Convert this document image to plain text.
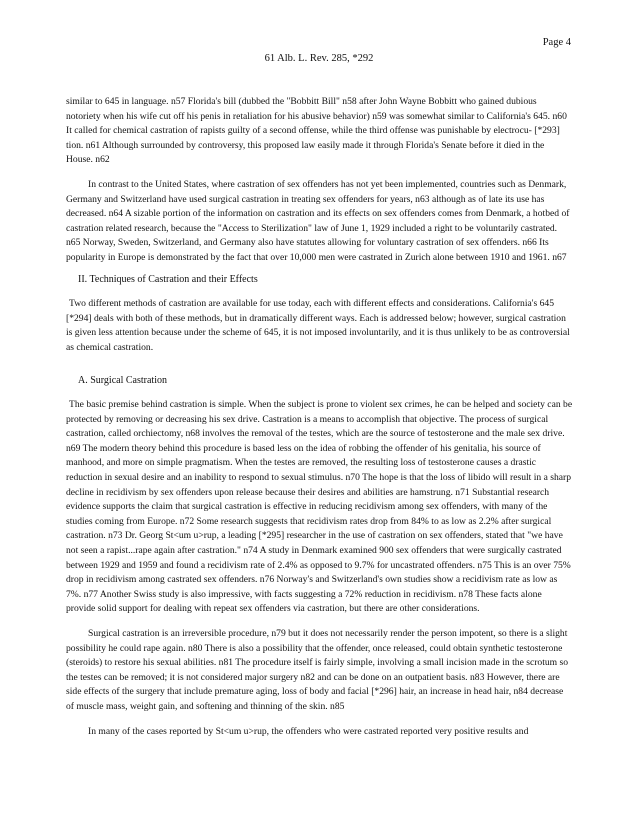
Page 4
61 Alb. L. Rev. 285, *292

similar to 645 in language. n57 Florida's bill (dubbed the "Bobbitt Bill" n58 after John Wayne Bobbitt who gained dubious notoriety when his wife cut off his penis in retaliation for his abusive behavior) n59 was somewhat similar to California's 645. n60 It called for chemical castration of rapists guilty of a second offense, while the third offense was punishable by electrocu- [*293] tion. n61 Although surrounded by controversy, this proposed law easily made it through Florida's Senate before it died in the House. n62

In contrast to the United States, where castration of sex offenders has not yet been implemented, countries such as Denmark, Germany and Switzerland have used surgical castration in treating sex offenders for years, n63 although as of late its use has decreased. n64 A sizable portion of the information on castration and its effects on sex offenders comes from Denmark, a hotbed of castration related research, because the "Access to Sterilization" law of June 1, 1929 included a right to be voluntarily castrated. n65 Norway, Sweden, Switzerland, and Germany also have statutes allowing for voluntary castration of sex offenders. n66 Its popularity in Europe is demonstrated by the fact that over 10,000 men were castrated in Zurich alone between 1910 and 1961. n67

II. Techniques of Castration and their Effects

Two different methods of castration are available for use today, each with different effects and considerations. California's 645 [*294] deals with both of these methods, but in dramatically different ways. Each is addressed below; however, surgical castration is given less attention because under the scheme of 645, it is not imposed involuntarily, and it is thus unlikely to be as controversial as chemical castration.

A. Surgical Castration

The basic premise behind castration is simple. When the subject is prone to violent sex crimes, he can be helped and society can be protected by removing or decreasing his sex drive. Castration is a means to accomplish that objective. The process of surgical castration, called orchiectomy, n68 involves the removal of the testes, which are the source of testosterone and the male sex drive. n69 The modern theory behind this procedure is based less on the idea of robbing the offender of his genitalia, his source of manhood, and more on simple pragmatism. When the testes are removed, the resulting loss of testosterone causes a drastic reduction in sexual desire and an inability to respond to sexual stimulus. n70 The hope is that the loss of libido will result in a sharp decline in recidivism by sex offenders upon release because their desires and abilities are hamstrung. n71 Substantial research evidence supports the claim that surgical castration is effective in reducing recidivism among sex offenders, with many of the studies coming from Europe. n72 Some research suggests that recidivism rates drop from 84% to as low as 2.2% after surgical castration. n73 Dr. Georg St<um u>rup, a leading [*295] researcher in the use of castration on sex offenders, stated that "we have not seen a rapist...rape again after castration." n74 A study in Denmark examined 900 sex offenders that were surgically castrated between 1929 and 1959 and found a recidivism rate of 2.4% as opposed to 9.7% for uncastrated offenders. n75 This is an over 75% drop in recidivism among castrated sex offenders. n76 Norway's and Switzerland's own studies show a recidivism rate as low as 7%. n77 Another Swiss study is also impressive, with facts suggesting a 72% reduction in recidivism. n78 These facts alone provide solid support for dealing with repeat sex offenders via castration, but there are other considerations.

Surgical castration is an irreversible procedure, n79 but it does not necessarily render the person impotent, so there is a slight possibility he could rape again. n80 There is also a possibility that the offender, once released, could obtain synthetic testosterone (steroids) to restore his sexual abilities. n81 The procedure itself is fairly simple, involving a small incision made in the scrotum so the testes can be removed; it is not considered major surgery n82 and can be done on an outpatient basis. n83 However, there are side effects of the surgery that include premature aging, loss of body and facial [*296] hair, an increase in head hair, n84 decrease of muscle mass, weight gain, and softening and thinning of the skin. n85

In many of the cases reported by St<um u>rup, the offenders who were castrated reported very positive results and
